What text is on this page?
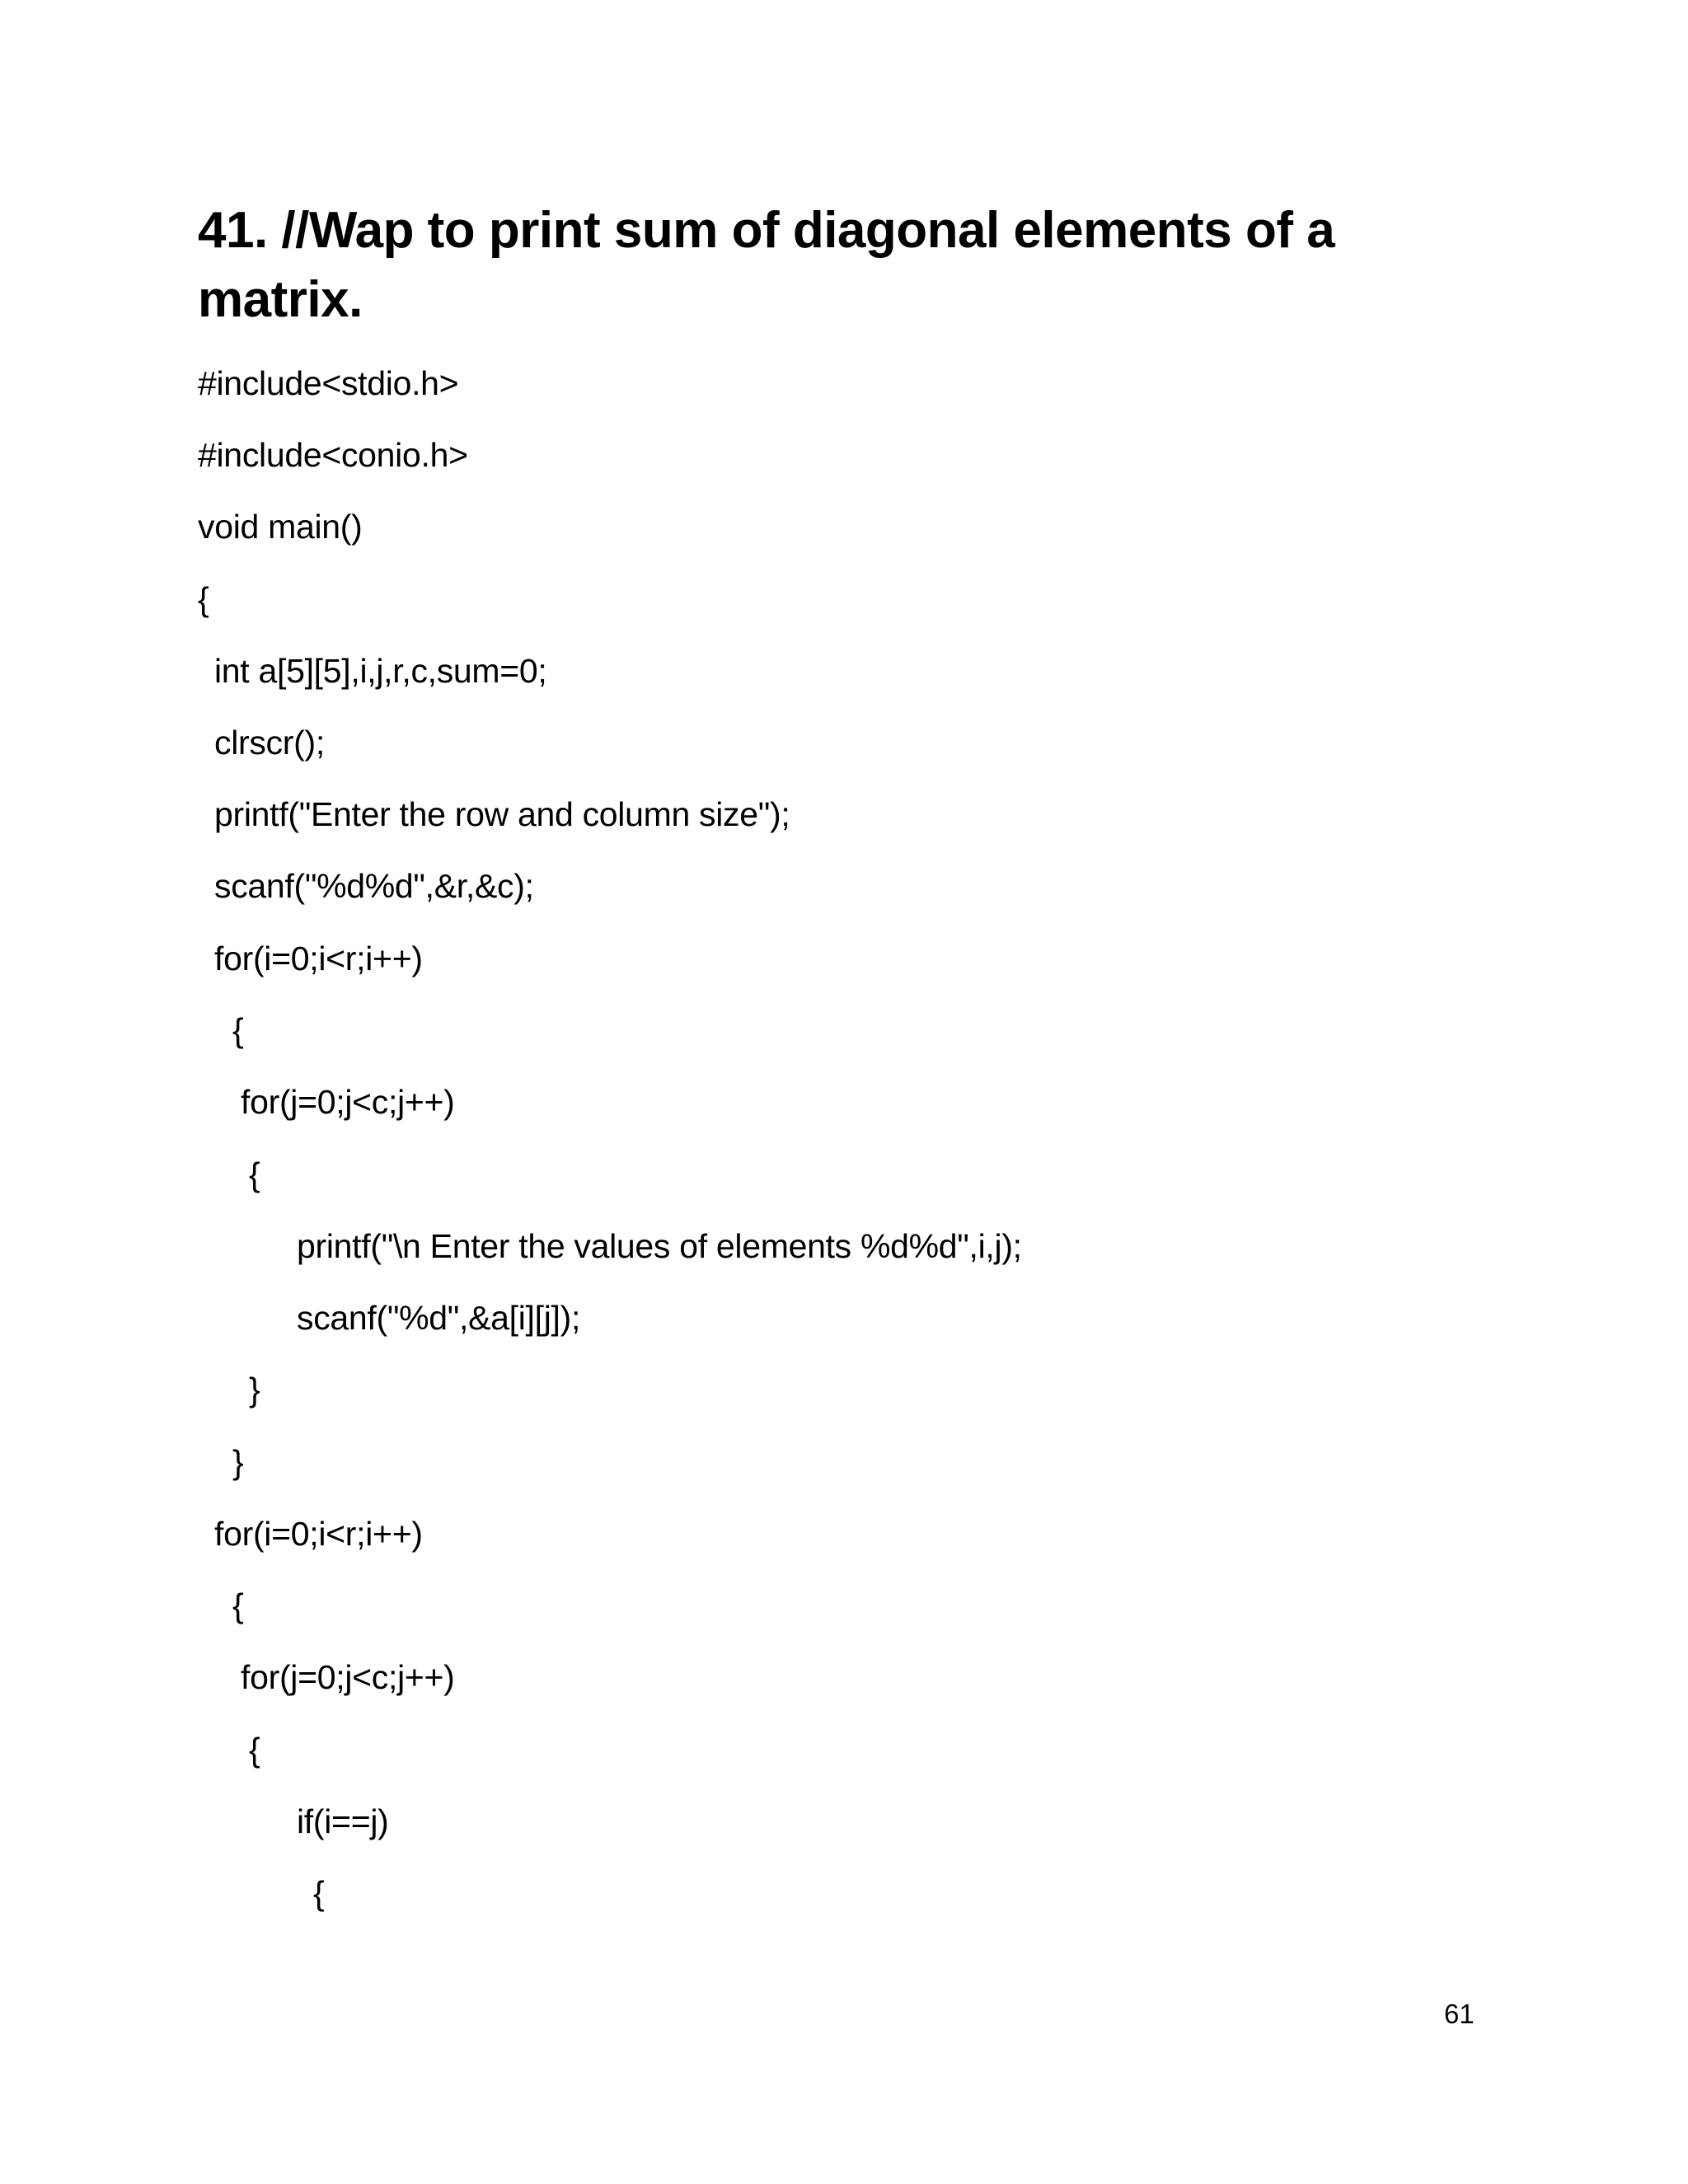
41. //Wap to print sum of diagonal elements of a matrix.
#include<stdio.h>
#include<conio.h>
void main()
{
int a[5][5],i,j,r,c,sum=0;
clrscr();
printf("Enter the row and column size");
scanf("%d%d",&r,&c);
for(i=0;i<r;i++)
{
for(j=0;j<c;j++)
{
printf("\n Enter the values of elements %d%d",i,j);
scanf("%d",&a[i][j]);
}
}
for(i=0;i<r;i++)
{
for(j=0;j<c;j++)
{
if(i==j)
{
61
